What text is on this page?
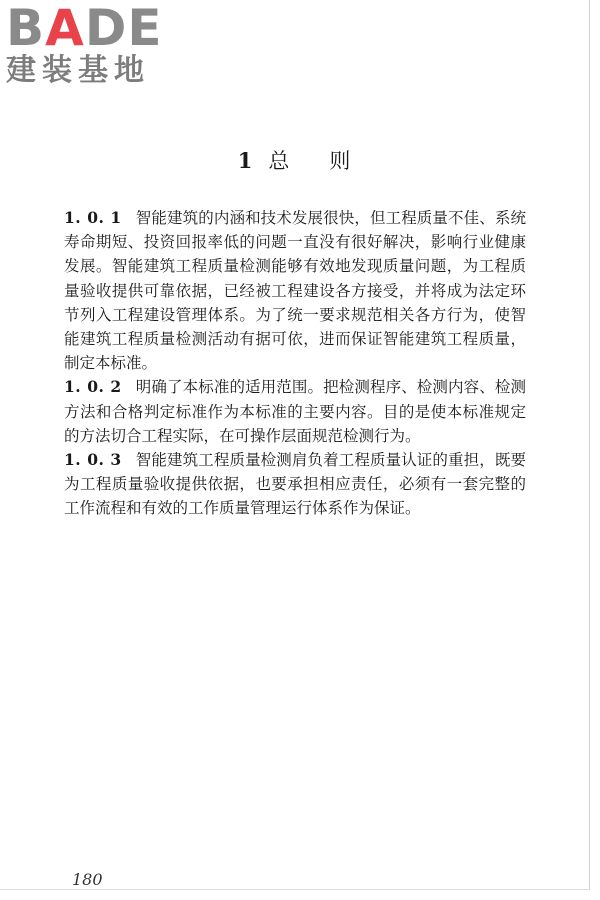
BADE
建装基地
1 总 则

1. 0. 1 智能建筑的内涵和技术发展很快，但工程质量不佳、系统寿命期短、投资回报率低的问题一直没有很好解决，影响行业健康发展。智能建筑工程质量检测能够有效地发现质量问题，为工程质量验收提供可靠依据，已经被工程建设各方接受，并将成为法定环节列入工程建设管理体系。为了统一要求规范相关各方行为，使智能建筑工程质量检测活动有据可依，进而保证智能建筑工程质量，制定本标准。

1. 0. 2 明确了本标准的适用范围。把检测程序、检测内容、检测方法和合格判定标准作为本标准的主要内容。目的是使本标准规定的方法切合工程实际，在可操作层面规范检测行为。

1. 0. 3 智能建筑工程质量检测肩负着工程质量认证的重担，既要为工程质量验收提供依据，也要承担相应责任，必须有一套完整的工作流程和有效的工作质量管理运行体系作为保证。

180
